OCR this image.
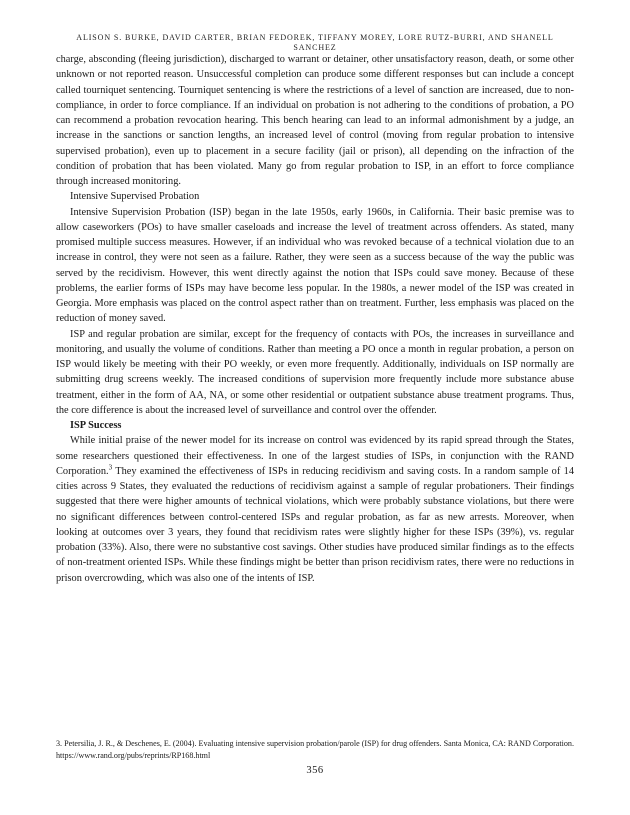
ALISON S. BURKE, DAVID CARTER, BRIAN FEDOREK, TIFFANY MOREY, LORE RUTZ-BURRI, AND SHANELL SANCHEZ

charge, absconding (fleeing jurisdiction), discharged to warrant or detainer, other unsatisfactory reason, death, or some other unknown or not reported reason. Unsuccessful completion can produce some different responses but can include a concept called tourniquet sentencing. Tourniquet sentencing is where the restrictions of a level of sanction are increased, due to non-compliance, in order to force compliance. If an individual on probation is not adhering to the conditions of probation, a PO can recommend a probation revocation hearing. This bench hearing can lead to an informal admonishment by a judge, an increase in the sanctions or sanction lengths, an increased level of control (moving from regular probation to intensive supervised probation), even up to placement in a secure facility (jail or prison), all depending on the infraction of the condition of probation that has been violated. Many go from regular probation to ISP, in an effort to force compliance through increased monitoring.

Intensive Supervised Probation

Intensive Supervision Probation (ISP) began in the late 1950s, early 1960s, in California. Their basic premise was to allow caseworkers (POs) to have smaller caseloads and increase the level of treatment across offenders. As stated, many promised multiple success measures. However, if an individual who was revoked because of a technical violation due to an increase in control, they were not seen as a failure. Rather, they were seen as a success because of the way the public was served by the recidivism. However, this went directly against the notion that ISPs could save money. Because of these problems, the earlier forms of ISPs may have become less popular. In the 1980s, a newer model of the ISP was created in Georgia. More emphasis was placed on the control aspect rather than on treatment. Further, less emphasis was placed on the reduction of money saved.

ISP and regular probation are similar, except for the frequency of contacts with POs, the increases in surveillance and monitoring, and usually the volume of conditions. Rather than meeting a PO once a month in regular probation, a person on ISP would likely be meeting with their PO weekly, or even more frequently. Additionally, individuals on ISP normally are submitting drug screens weekly. The increased conditions of supervision more frequently include more substance abuse treatment, either in the form of AA, NA, or some other residential or outpatient substance abuse treatment programs. Thus, the core difference is about the increased level of surveillance and control over the offender.

ISP Success

While initial praise of the newer model for its increase on control was evidenced by its rapid spread through the States, some researchers questioned their effectiveness. In one of the largest studies of ISPs, in conjunction with the RAND Corporation.$^3$ They examined the effectiveness of ISPs in reducing recidivism and saving costs. In a random sample of 14 cities across 9 States, they evaluated the reductions of recidivism against a sample of regular probationers. Their findings suggested that there were higher amounts of technical violations, which were probably substance violations, but there were no significant differences between control-centered ISPs and regular probation, as far as new arrests. Moreover, when looking at outcomes over 3 years, they found that recidivism rates were slightly higher for these ISPs (39%), vs. regular probation (33%). Also, there were no substantive cost savings. Other studies have produced similar findings as to the effects of non-treatment oriented ISPs. While these findings might be better than prison recidivism rates, there were no reductions in prison overcrowding, which was also one of the intents of ISP.

3. Petersilia, J. R., & Deschenes, E. (2004). Evaluating intensive supervision probation/parole (ISP) for drug offenders. Santa Monica, CA: RAND Corporation. https://www.rand.org/pubs/reprints/RP168.html
356
